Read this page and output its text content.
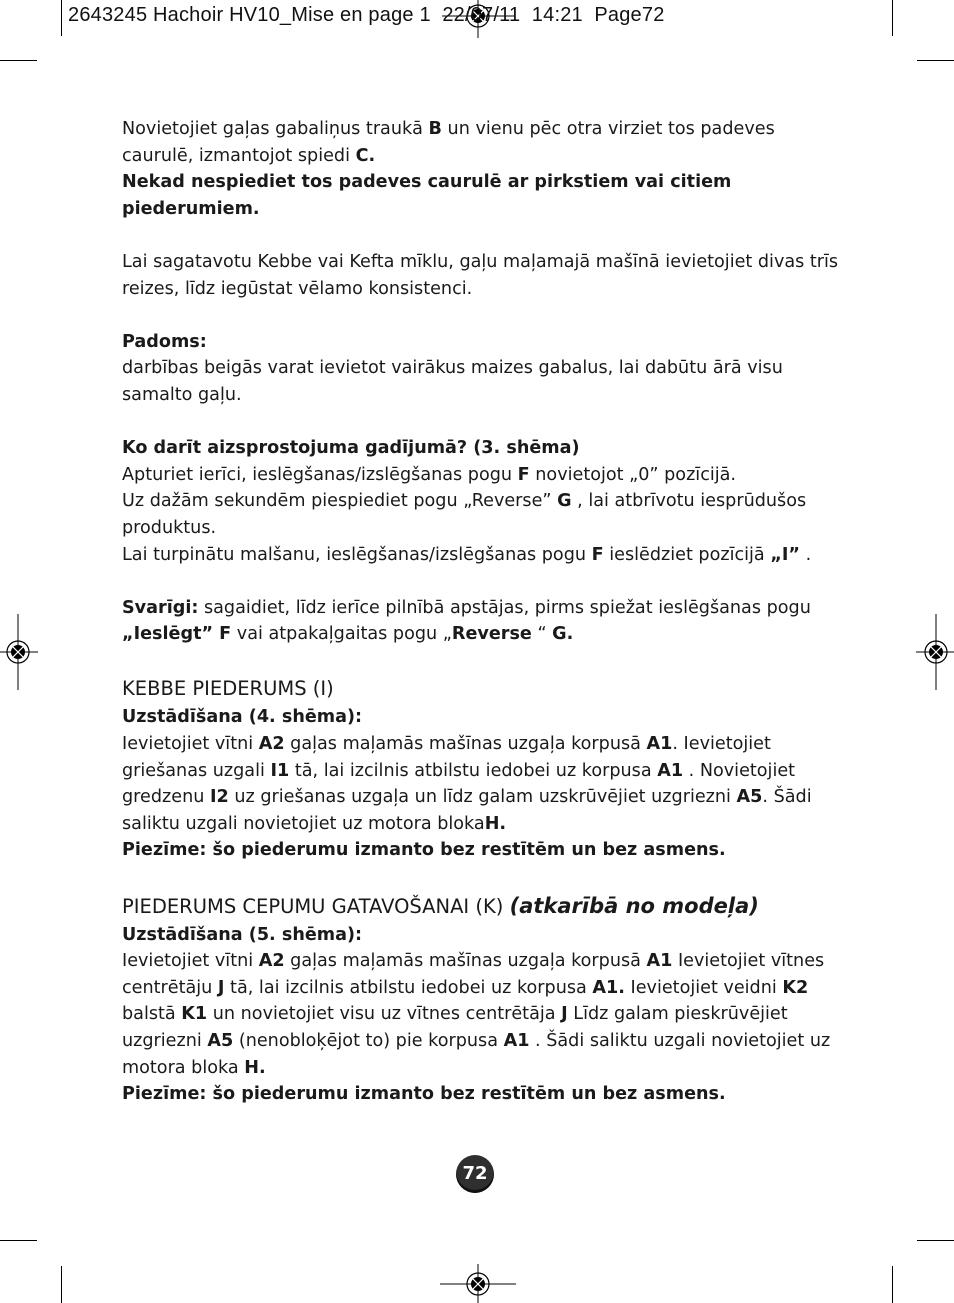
2643245 Hachoir HV10_Mise en page 1  22/07/11  14:21  Page72

Novietojiet gaļas gabaliņus traukā B un vienu pēc otra virziet tos padeves caurulē, izmantojot spiedi C.

Nekad nespiediet tos padeves caurulē ar pirkstiem vai citiem piederumiem.

Lai sagatavotu Kebbe vai Kefta mīklu, gaļu maļamajā mašīnā ievietojiet divas trīs reizes, līdz iegūstat vēlamo konsistenci.

Padoms:

darbības beigās varat ievietot vairākus maizes gabalus, lai dabūtu ārā visu samalto gaļu.

Ko darīt aizsprostojuma gadījumā? (3. shēma)

Apturiet ierīci, ieslēgšanas/izslēgšanas pogu F novietojot „0” pozīcijā.

Uz dažām sekundēm piespiediet pogu „Reverse” G , lai atbrīvotu iesprūdušos produktus.

Lai turpinātu malšanu, ieslēgšanas/izslēgšanas pogu F ieslēdziet pozīcijā „I” .

Svarīgi: sagaidiet, līdz ierīce pilnībā apstājas, pirms spiežat ieslēgšanas pogu „Ieslēgt” F vai atpakaļgaitas pogu „Reverse “ G.

KEBBE PIEDERUMS (I)

Uzstādīšana (4. shēma):

Ievietojiet vītni A2 gaļas maļamās mašīnas uzgaļa korpusā A1. Ievietojiet griešanas uzgali I1 tā, lai izcilnis atbilstu iedobei uz korpusa A1 . Novietojiet gredzenu I2 uz griešanas uzgaļa un līdz galam uzskrūvējiet uzgriezni A5. Šādi saliktu uzgali novietojiet uz motora blokaH.

Piezīme: šo piederumu izmanto bez restītēm un bez asmens.

PIEDERUMS CEPUMU GATAVOŠANAI (K) (atkarībā no modeļa)

Uzstādīšana (5. shēma):

Ievietojiet vītni A2 gaļas maļamās mašīnas uzgaļa korpusā A1 Ievietojiet vītnes centrētāju J tā, lai izcilnis atbilstu iedobei uz korpusa A1. Ievietojiet veidni K2 balstā K1 un novietojiet visu uz vītnes centrētāja J Līdz galam pieskrūvējiet uzgriezni A5 (nenobloķējot to) pie korpusa A1 . Šādi saliktu uzgali novietojiet uz motora bloka H.

Piezīme: šo piederumu izmanto bez restītēm un bez asmens.

72
